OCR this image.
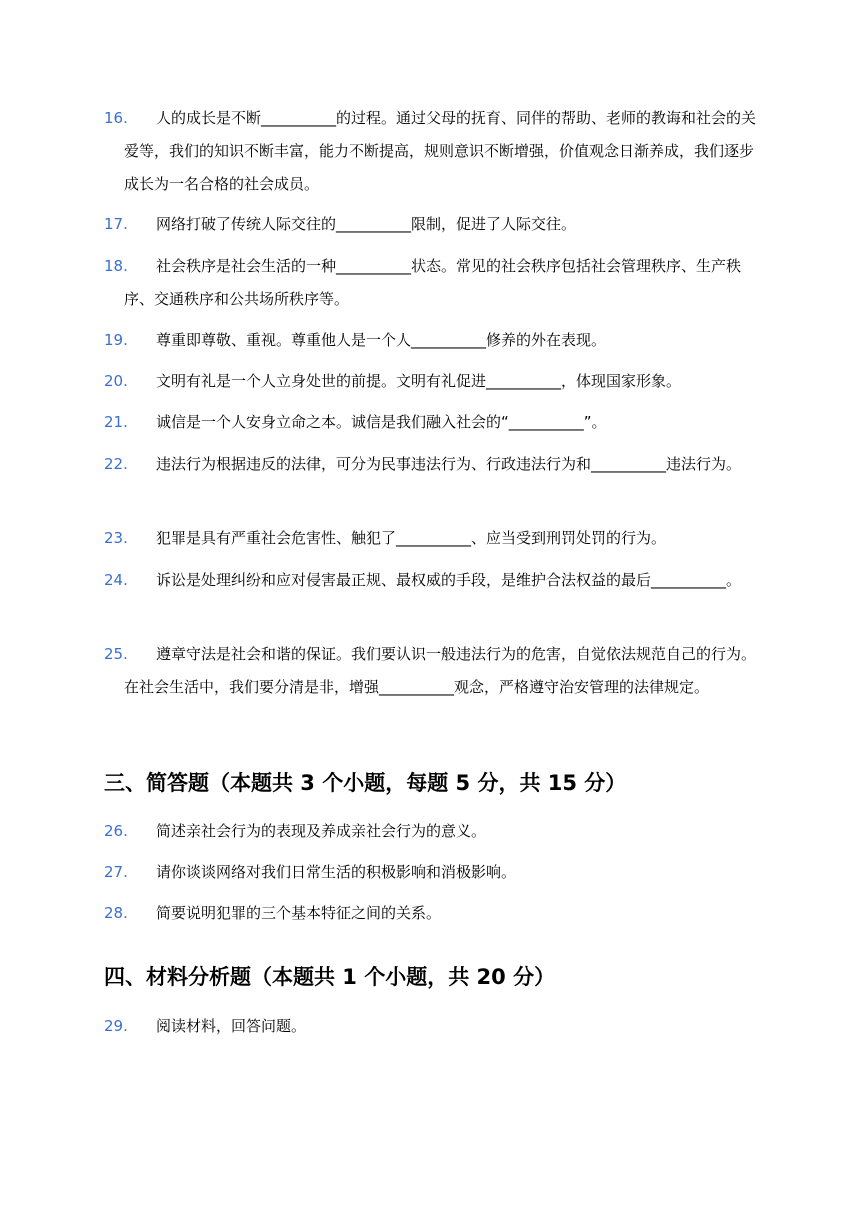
16.	人的成长是不断__________的过程。通过父母的抚育、同伴的帮助、老师的教诲和社会的关爱等，我们的知识不断丰富，能力不断提高，规则意识不断增强，价值观念日渐养成，我们逐步成长为一名合格的社会成员。
17.	网络打破了传统人际交往的__________限制，促进了人际交往。
18.	社会秩序是社会生活的一种__________状态。常见的社会秩序包括社会管理秩序、生产秩序、交通秩序和公共场所秩序等。
19.	尊重即尊敬、重视。尊重他人是一个人__________修养的外在表现。
20.	文明有礼是一个人立身处世的前提。文明有礼促进__________，体现国家形象。
21.	诚信是一个人安身立命之本。诚信是我们融入社会的“__________”。
22.	违法行为根据违反的法律，可分为民事违法行为、行政违法行为和__________违法行为。
23.	犯罪是具有严重社会危害性、触犯了__________、应当受到刑罚处罚的行为。
24.	诉讼是处理纠纷和应对侵害最正规、最权威的手段，是维护合法权益的最后__________。
25.	遵章守法是社会和谐的保证。我们要认识一般违法行为的危害，自觉依法规范自己的行为。在社会生活中，我们要分清是非，增强__________观念，严格遵守治安管理的法律规定。
三、简答题（本题共 3 个小题，每题 5 分，共 15 分）
26.	简述亲社会行为的表现及养成亲社会行为的意义。
27.	请你谈谈网络对我们日常生活的积极影响和消极影响。
28.	简要说明犯罪的三个基本特征之间的关系。
四、材料分析题（本题共 1 个小题，共 20 分）
29.	阅读材料，回答问题。
